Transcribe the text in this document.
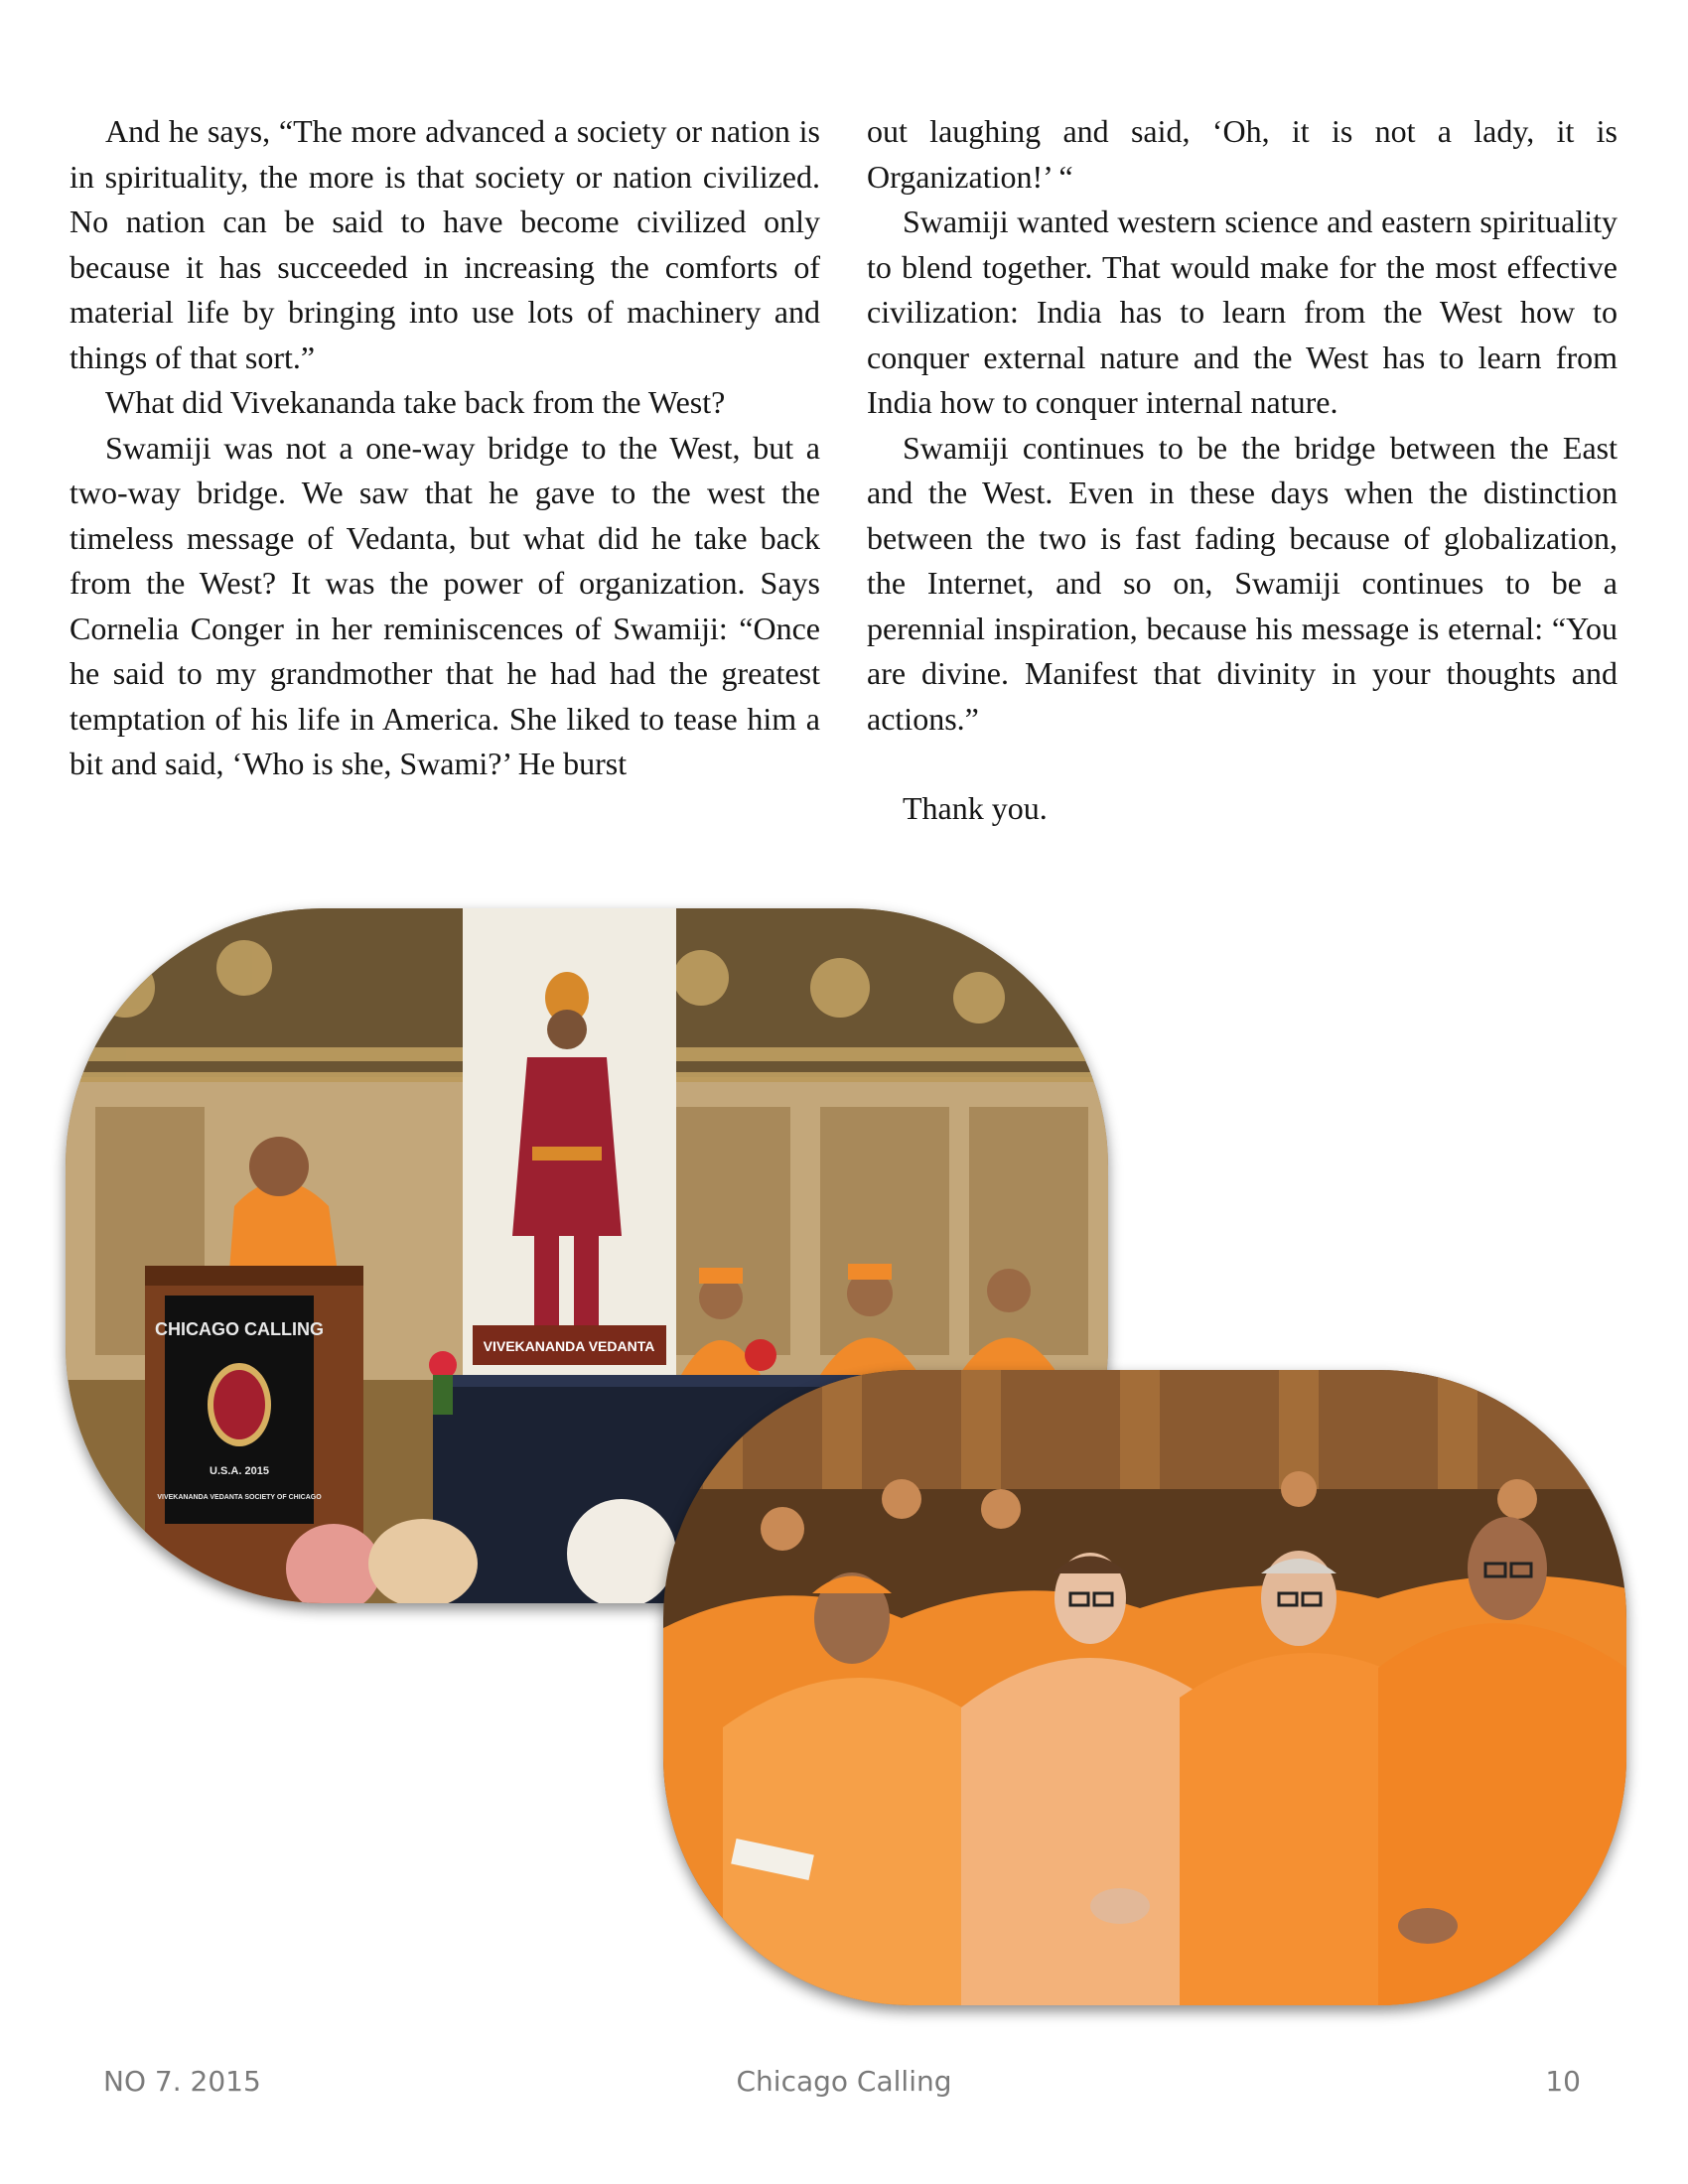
And he says, “The more advanced a society or nation is in spirituality, the more is that society or nation civilized. No nation can be said to have become civilized only because it has succeeded in increasing the comforts of material life by bringing into use lots of machinery and things of that sort.”

What did Vivekananda take back from the West?

Swamiji was not a one-way bridge to the West, but a two-way bridge. We saw that he gave to the west the timeless message of Vedanta, but what did he take back from the West? It was the power of organization. Says Cornelia Conger in her reminiscences of Swamiji: “Once he said to my grandmother that he had had the greatest temptation of his life in America. She liked to tease him a bit and said, ‘Who is she, Swami?’ He burst

out laughing and said, ‘Oh, it is not a lady, it is Organization!’ “

Swamiji wanted western science and eastern spirituality to blend together. That would make for the most effective civilization: India has to learn from the West how to conquer external nature and the West has to learn from India how to conquer internal nature.

Swamiji continues to be the bridge between the East and the West. Even in these days when the distinction between the two is fast fading because of globalization, the Internet, and so on, Swamiji continues to be a perennial inspiration, because his message is eternal: “You are divine. Manifest that divinity in your thoughts and actions.”

Thank you.

VIVEKANANDA VEDANTA
CHICAGO CALLING
U.S.A. 2015
VIVEKANANDA VEDANTA SOCIETY OF CHICAGO
NO 7. 2015	Chicago Calling	10
